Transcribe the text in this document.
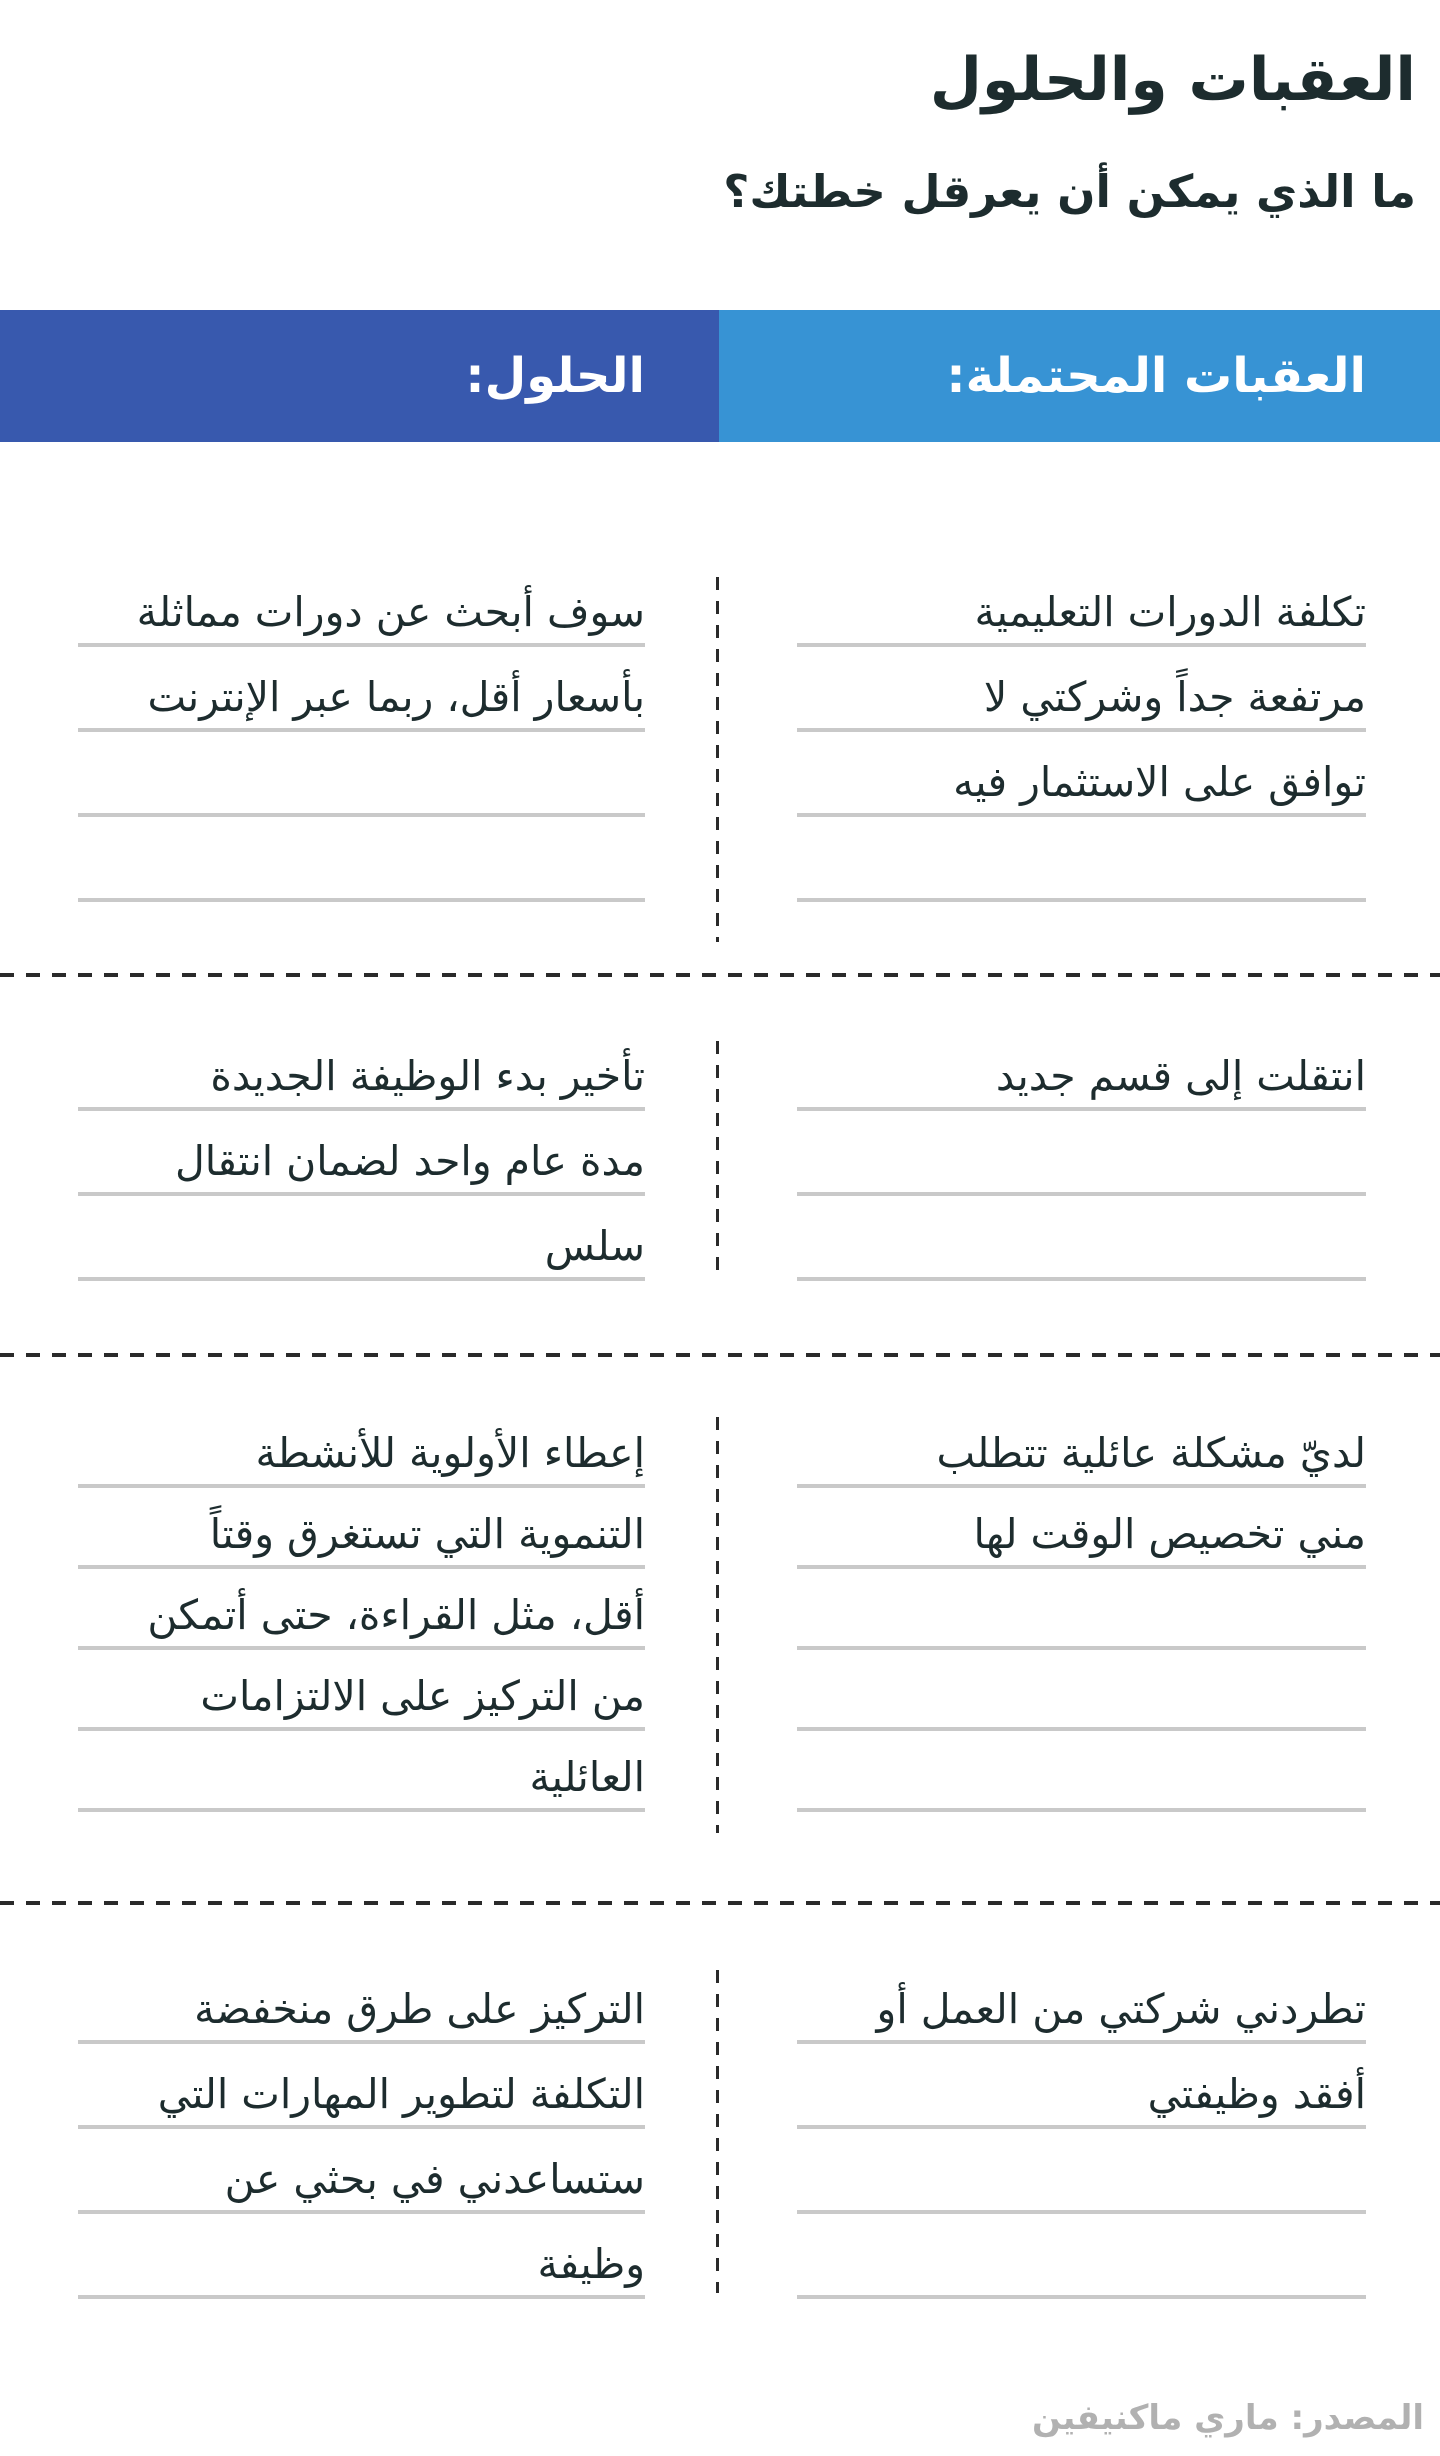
العقبات والحلول

ما الذي يمكن أن يعرقل خطتك؟

العقبات المحتملة:
الحلول:
تكلفة الدورات التعليمية
مرتفعة جداً وشركتي لا
توافق على الاستثمار فيه
سوف أبحث عن دورات مماثلة
بأسعار أقل، ربما عبر الإنترنت
انتقلت إلى قسم جديد
تأخير بدء الوظيفة الجديدة
مدة عام واحد لضمان انتقال
سلس
لديّ مشكلة عائلية تتطلب
مني تخصيص الوقت لها
إعطاء الأولوية للأنشطة
التنموية التي تستغرق وقتاً
أقل، مثل القراءة، حتى أتمكن
من التركيز على الالتزامات
العائلية
تطردني شركتي من العمل أو
أفقد وظيفتي
التركيز على طرق منخفضة
التكلفة لتطوير المهارات التي
ستساعدني في بحثي عن
وظيفة
المصدر: ماري ماكنيفين
